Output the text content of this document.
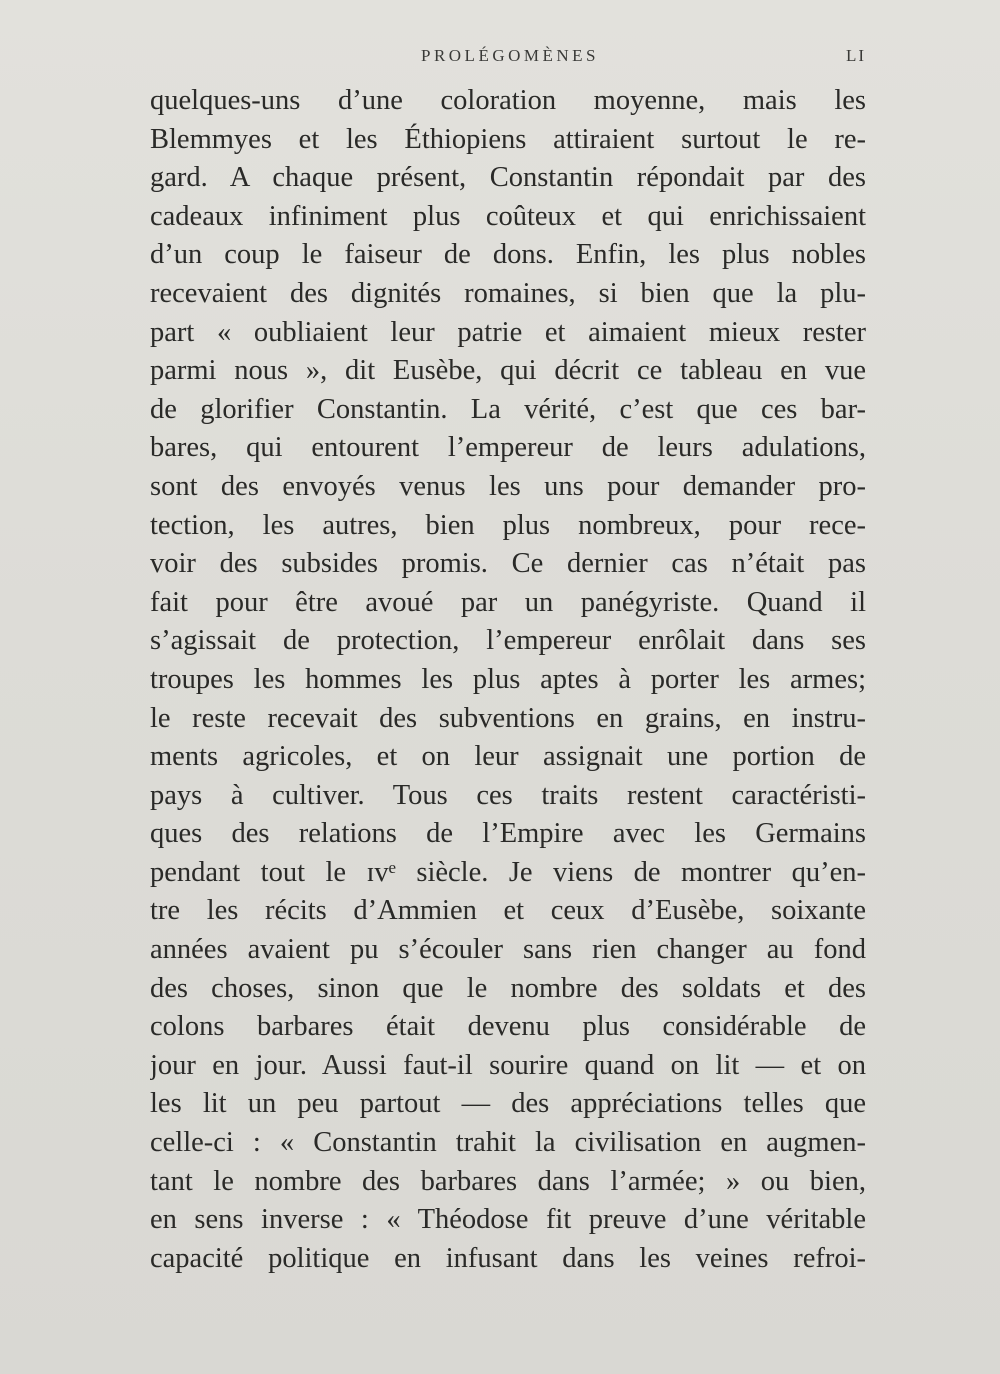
PROLÉGOMÈNES	LI
quelques-uns d’une coloration moyenne, mais les
Blemmyes et les Éthiopiens attiraient surtout le re-
gard. A chaque présent, Constantin répondait par des
cadeaux infiniment plus coûteux et qui enrichissaient
d’un coup le faiseur de dons. Enfin, les plus nobles
recevaient des dignités romaines, si bien que la plu-
part « oubliaient leur patrie et aimaient mieux rester
parmi nous », dit Eusèbe, qui décrit ce tableau en vue
de glorifier Constantin. La vérité, c’est que ces bar-
bares, qui entourent l’empereur de leurs adulations,
sont des envoyés venus les uns pour demander pro-
tection, les autres, bien plus nombreux, pour rece-
voir des subsides promis. Ce dernier cas n’était pas
fait pour être avoué par un panégyriste. Quand il
s’agissait de protection, l’empereur enrôlait dans ses
troupes les hommes les plus aptes à porter les armes;
le reste recevait des subventions en grains, en instru-
ments agricoles, et on leur assignait une portion de
pays à cultiver. Tous ces traits restent caractéristi-
ques des relations de l’Empire avec les Germains
pendant tout le ɪvᵉ siècle. Je viens de montrer qu’en-
tre les récits d’Ammien et ceux d’Eusèbe, soixante
années avaient pu s’écouler sans rien changer au fond
des choses, sinon que le nombre des soldats et des
colons barbares était devenu plus considérable de
jour en jour. Aussi faut-il sourire quand on lit — et on
les lit un peu partout — des appréciations telles que
celle-ci : « Constantin trahit la civilisation en augmen-
tant le nombre des barbares dans l’armée; » ou bien,
en sens inverse : « Théodose fit preuve d’une véritable
capacité politique en infusant dans les veines refroi-
